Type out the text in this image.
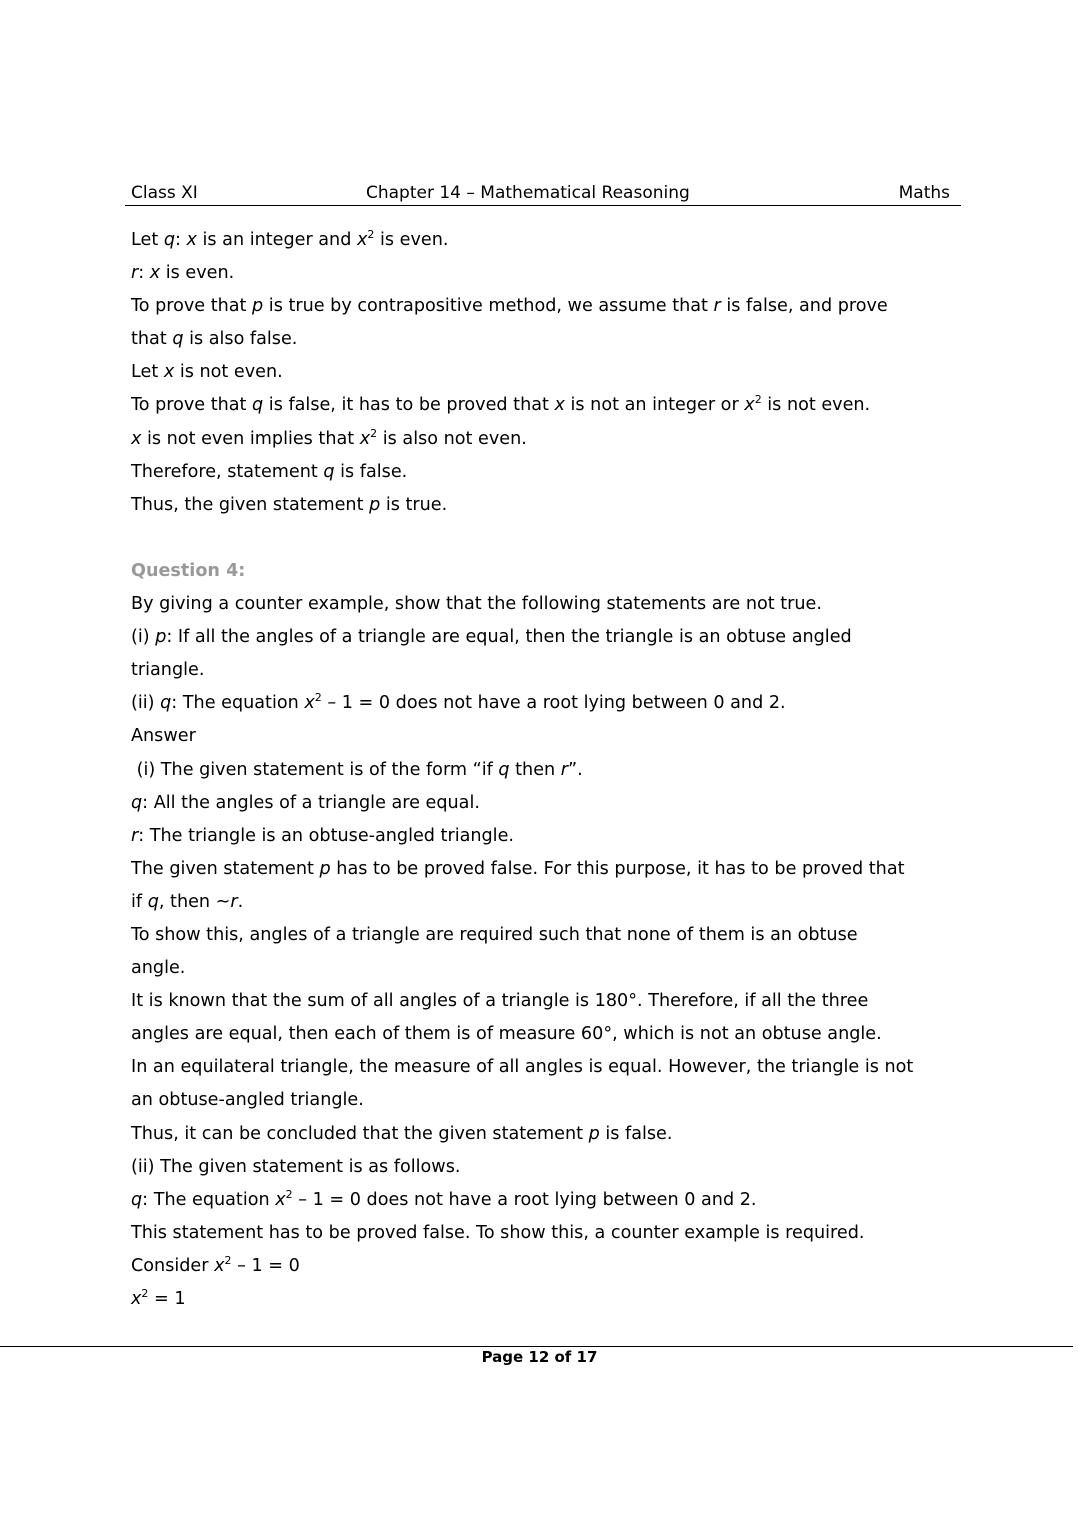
Class XI	Chapter 14 – Mathematical Reasoning	Maths
Let q: x is an integer and $x^2$ is even.
r: x is even.
To prove that p is true by contrapositive method, we assume that r is false, and prove
that q is also false.
Let x is not even.
To prove that q is false, it has to be proved that x is not an integer or $x^2$ is not even.
x is not even implies that $x^2$ is also not even.
Therefore, statement q is false.
Thus, the given statement p is true.
Question 4:
By giving a counter example, show that the following statements are not true.
(i) p: If all the angles of a triangle are equal, then the triangle is an obtuse angled
triangle.
(ii) q: The equation $x^2 - 1 = 0$ does not have a root lying between 0 and 2.
Answer
(i) The given statement is of the form “if q then r”.
q: All the angles of a triangle are equal.
r: The triangle is an obtuse-angled triangle.
The given statement p has to be proved false. For this purpose, it has to be proved that
if q, then ~r.
To show this, angles of a triangle are required such that none of them is an obtuse
angle.
It is known that the sum of all angles of a triangle is 180°. Therefore, if all the three
angles are equal, then each of them is of measure 60°, which is not an obtuse angle.
In an equilateral triangle, the measure of all angles is equal. However, the triangle is not
an obtuse-angled triangle.
Thus, it can be concluded that the given statement p is false.
(ii) The given statement is as follows.
q: The equation $x^2 - 1 = 0$ does not have a root lying between 0 and 2.
This statement has to be proved false. To show this, a counter example is required.
Consider $x^2 - 1 = 0$
$x^2 = 1$
Page 12 of 17
